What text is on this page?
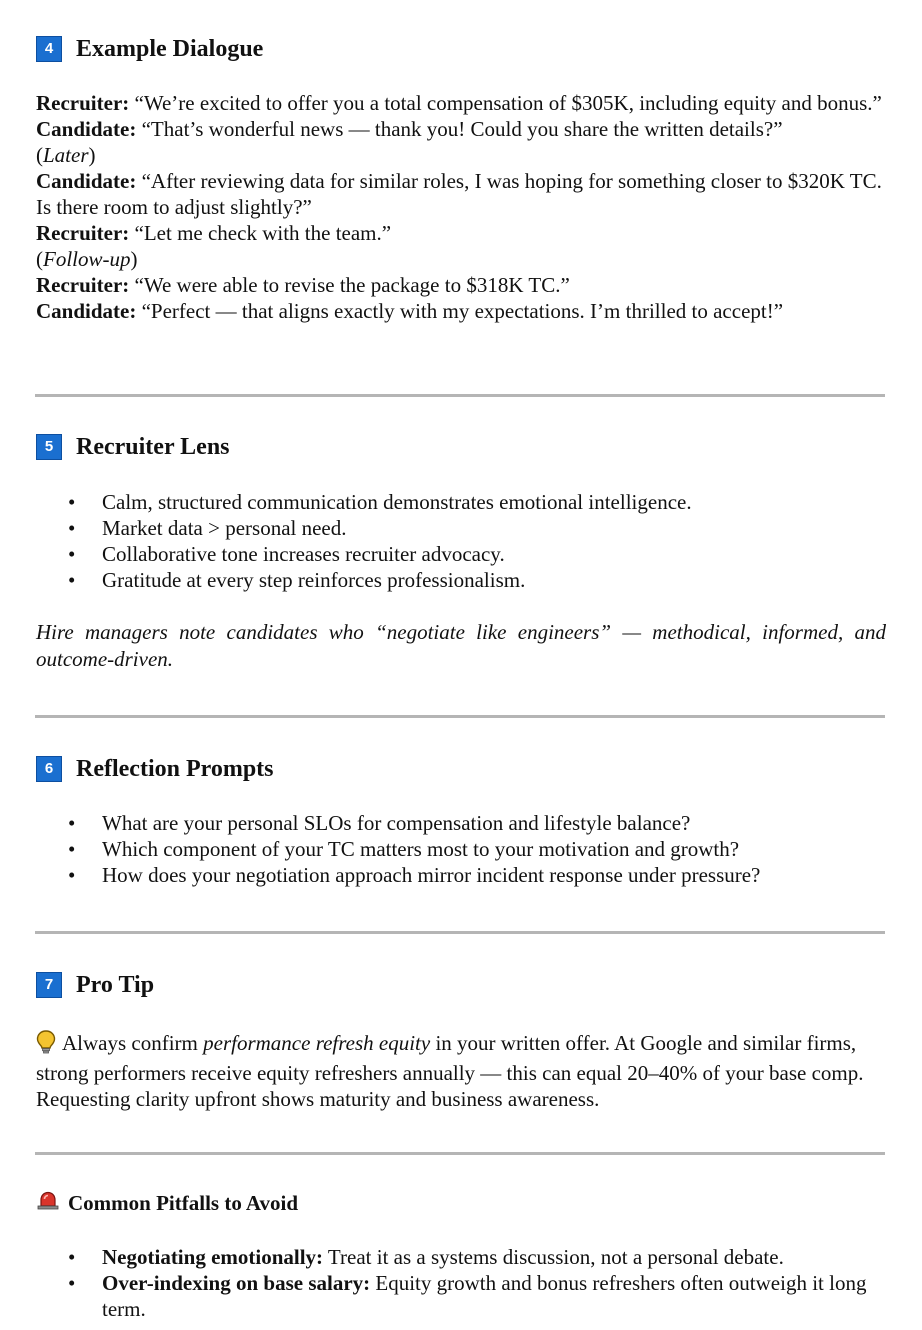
4 Example Dialogue

Recruiter: “We’re excited to offer you a total compensation of $305K, including equity and bonus.”

Candidate: “That’s wonderful news — thank you! Could you share the written details?”

(Later)

Candidate: “After reviewing data for similar roles, I was hoping for something closer to $320K TC. Is there room to adjust slightly?”

Recruiter: “Let me check with the team.”

(Follow-up)

Recruiter: “We were able to revise the package to $318K TC.”

Candidate: “Perfect — that aligns exactly with my expectations. I’m thrilled to accept!”

5 Recruiter Lens
• Calm, structured communication demonstrates emotional intelligence.
• Market data > personal need.
• Collaborative tone increases recruiter advocacy.
• Gratitude at every step reinforces professionalism.
Hire managers note candidates who “negotiate like engineers” — methodical, informed, and outcome-driven.
6 Reflection Prompts
• What are your personal SLOs for compensation and lifestyle balance?
• Which component of your TC matters most to your motivation and growth?
• How does your negotiation approach mirror incident response under pressure?
7 Pro Tip
Always confirm performance refresh equity in your written offer. At Google and similar firms, strong performers receive equity refreshers annually — this can equal 20–40% of your base comp. Requesting clarity upfront shows maturity and business awareness.
Common Pitfalls to Avoid
• Negotiating emotionally: Treat it as a systems discussion, not a personal debate.
• Over-indexing on base salary: Equity growth and bonus refreshers often outweigh it long term.
